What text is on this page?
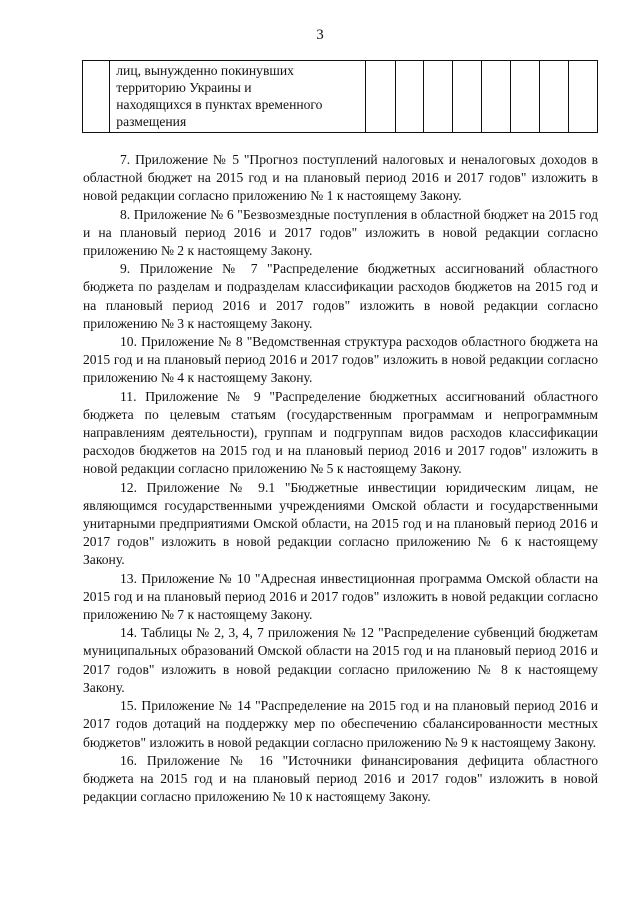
3

лиц, вынужденно покинувших
территорию Украины и
находящихся в пунктах временного
размещения

7. Приложение № 5 "Прогноз поступлений налоговых и неналоговых доходов в областной бюджет на 2015 год и на плановый период 2016 и 2017 годов" изложить в новой редакции согласно приложению № 1 к настоящему Закону.

8. Приложение № 6 "Безвозмездные поступления в областной бюджет на 2015 год и на плановый период 2016 и 2017 годов" изложить в новой редакции согласно приложению № 2 к настоящему Закону.

9. Приложение № 7 "Распределение бюджетных ассигнований областного бюджета по разделам и подразделам классификации расходов бюджетов на 2015 год и на плановый период 2016 и 2017 годов" изложить в новой редакции согласно приложению № 3 к настоящему Закону.

10. Приложение № 8 "Ведомственная структура расходов областного бюджета на 2015 год и на плановый период 2016 и 2017 годов" изложить в новой редакции согласно приложению № 4 к настоящему Закону.

11. Приложение № 9 "Распределение бюджетных ассигнований областного бюджета по целевым статьям (государственным программам и непрограммным направлениям деятельности), группам и подгруппам видов расходов классификации расходов бюджетов на 2015 год и на плановый период 2016 и 2017 годов" изложить в новой редакции согласно приложению № 5 к настоящему Закону.

12. Приложение № 9.1 "Бюджетные инвестиции юридическим лицам, не являющимся государственными учреждениями Омской области и государственными унитарными предприятиями Омской области, на 2015 год и на плановый период 2016 и 2017 годов" изложить в новой редакции согласно приложению № 6 к настоящему Закону.

13. Приложение № 10 "Адресная инвестиционная программа Омской области на 2015 год и на плановый период 2016 и 2017 годов" изложить в новой редакции согласно приложению № 7 к настоящему Закону.

14. Таблицы № 2, 3, 4, 7 приложения № 12 "Распределение субвенций бюджетам муниципальных образований Омской области на 2015 год и на плановый период 2016 и 2017 годов" изложить в новой редакции согласно приложению № 8 к настоящему Закону.

15. Приложение № 14 "Распределение на 2015 год и на плановый период 2016 и 2017 годов дотаций на поддержку мер по обеспечению сбалансированности местных бюджетов" изложить в новой редакции согласно приложению № 9 к настоящему Закону.

16. Приложение № 16 "Источники финансирования дефицита областного бюджета на 2015 год и на плановый период 2016 и 2017 годов" изложить в новой редакции согласно приложению № 10 к настоящему Закону.
